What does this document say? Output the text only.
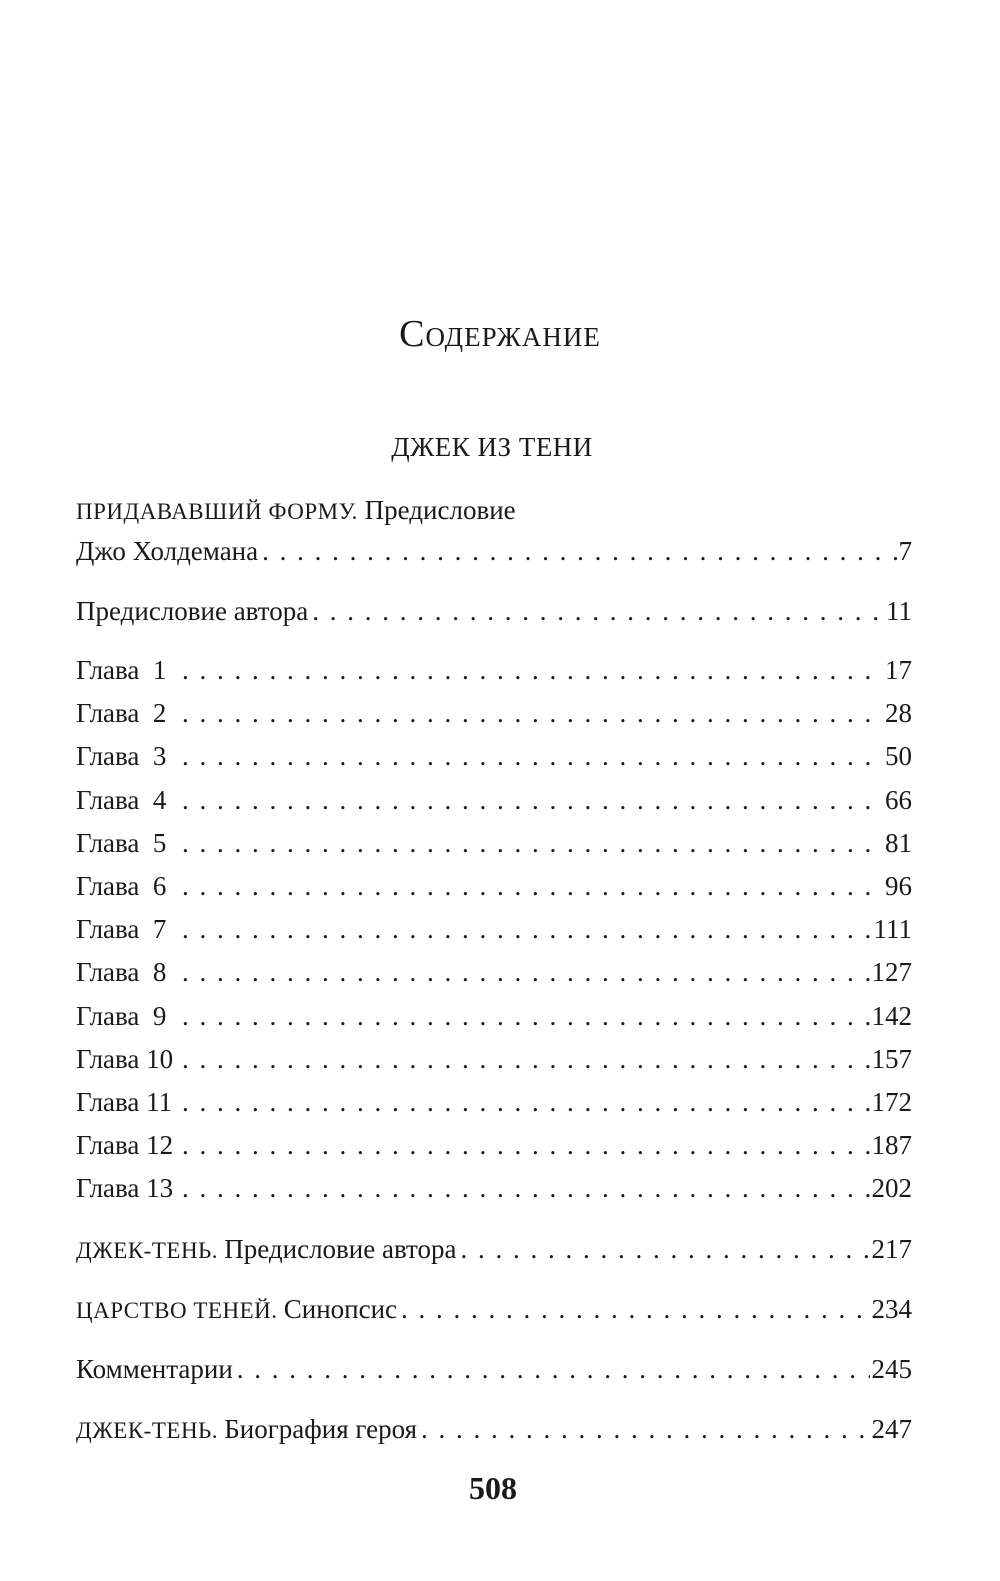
Содержание
ДЖЕК ИЗ ТЕНИ
ПРИДАВАВШИЙ ФОРМУ. Предисловие
Джо Холдемана . . .	7
Предисловие автора . . .	11
Глава  1 . . .	17
Глава  2 . . .	28
Глава  3 . . .	50
Глава  4 . . .	66
Глава  5 . . .	81
Глава  6 . . .	96
Глава  7 . . .	111
Глава  8 . . .	127
Глава  9 . . .	142
Глава 10 . . .	157
Глава 11 . . .	172
Глава 12 . . .	187
Глава 13 . . .	202
ДЖЕК-ТЕНЬ. Предисловие автора . . .	217
ЦАРСТВО ТЕНЕЙ. Синопсис . . .	234
Комментарии . . .	245
ДЖЕК-ТЕНЬ. Биография героя . . .	247
508
